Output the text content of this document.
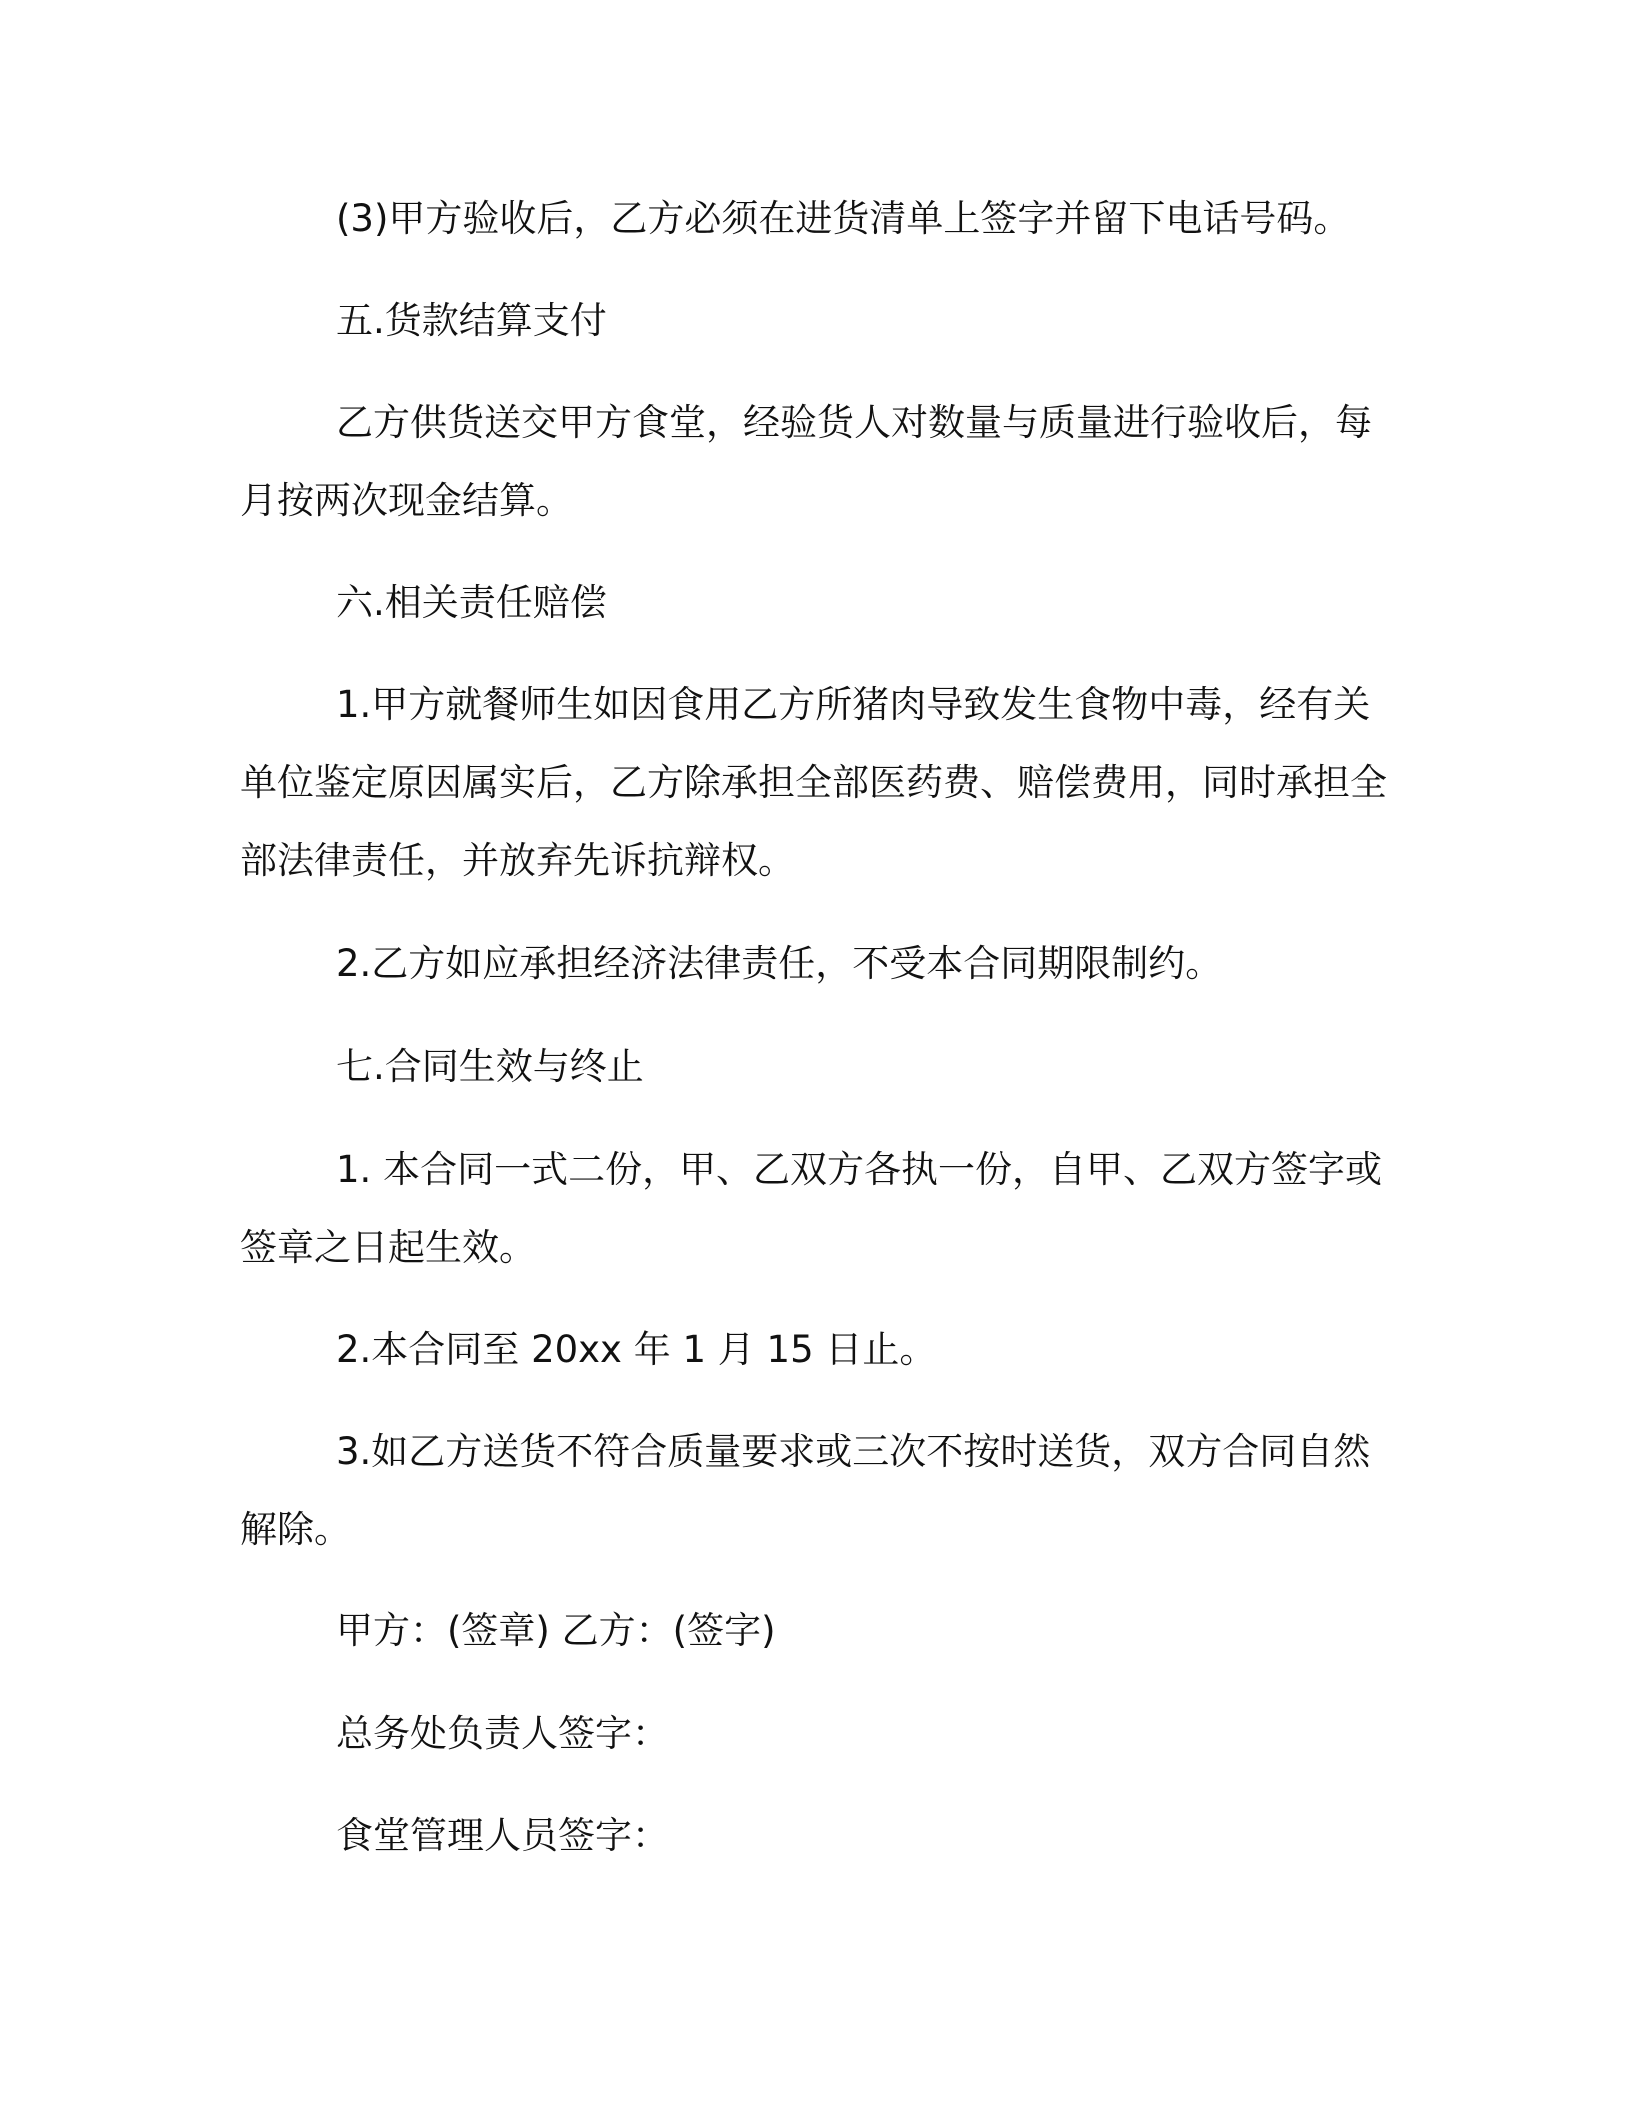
(3)甲方验收后，乙方必须在进货清单上签字并留下电话号码。

五.货款结算支付

乙方供货送交甲方食堂，经验货人对数量与质量进行验收后，每月按两次现金结算。

六.相关责任赔偿

1.甲方就餐师生如因食用乙方所猪肉导致发生食物中毒，经有关单位鉴定原因属实后，乙方除承担全部医药费、赔偿费用，同时承担全部法律责任，并放弃先诉抗辩权。

2.乙方如应承担经济法律责任，不受本合同期限制约。

七.合同生效与终止

1. 本合同一式二份，甲、乙双方各执一份，自甲、乙双方签字或签章之日起生效。

2.本合同至 20xx 年 1 月 15 日止。

3.如乙方送货不符合质量要求或三次不按时送货，双方合同自然解除。

甲方：(签章) 乙方：(签字)

总务处负责人签字：

食堂管理人员签字：
